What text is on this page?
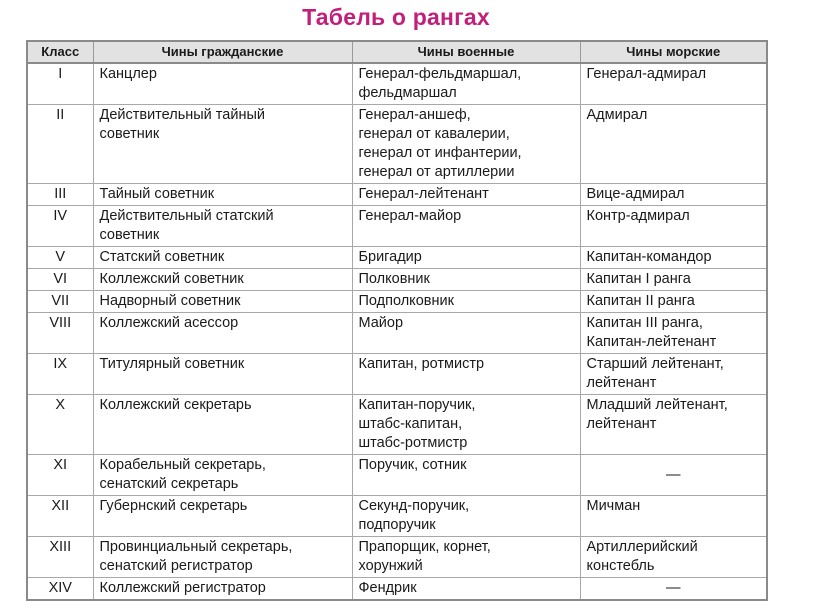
Табель о рангах
Класс	Чины гражданские	Чины военные	Чины морские
I	Канцлер	Генерал-фельдмаршал,
фельдмаршал	Генерал-адмирал
II	Действительный тайный
советник	Генерал-аншеф,
генерал от кавалерии,
генерал от инфантерии,
генерал от артиллерии	Адмирал
III	Тайный советник	Генерал-лейтенант	Вице-адмирал
IV	Действительный статский
советник	Генерал-майор	Контр-адмирал
V	Статский советник	Бригадир	Капитан-командор
VI	Коллежский советник	Полковник	Капитан I ранга
VII	Надворный советник	Подполковник	Капитан II ранга
VIII	Коллежский асессор	Майор	Капитан III ранга,
Капитан-лейтенант
IX	Титулярный советник	Капитан, ротмистр	Старший лейтенант,
лейтенант
X	Коллежский секретарь	Капитан-поручик,
штабс-капитан,
штабс-ротмистр	Младший лейтенант,
лейтенант
XI	Корабельный секретарь,
сенатский секретарь	Поручик, сотник	—
XII	Губернский секретарь	Секунд-поручик,
подпоручик	Мичман
XIII	Провинциальный секретарь,
сенатский регистратор	Прапорщик, корнет,
хорунжий	Артиллерийский
констебль
XIV	Коллежский регистратор	Фендрик	—
